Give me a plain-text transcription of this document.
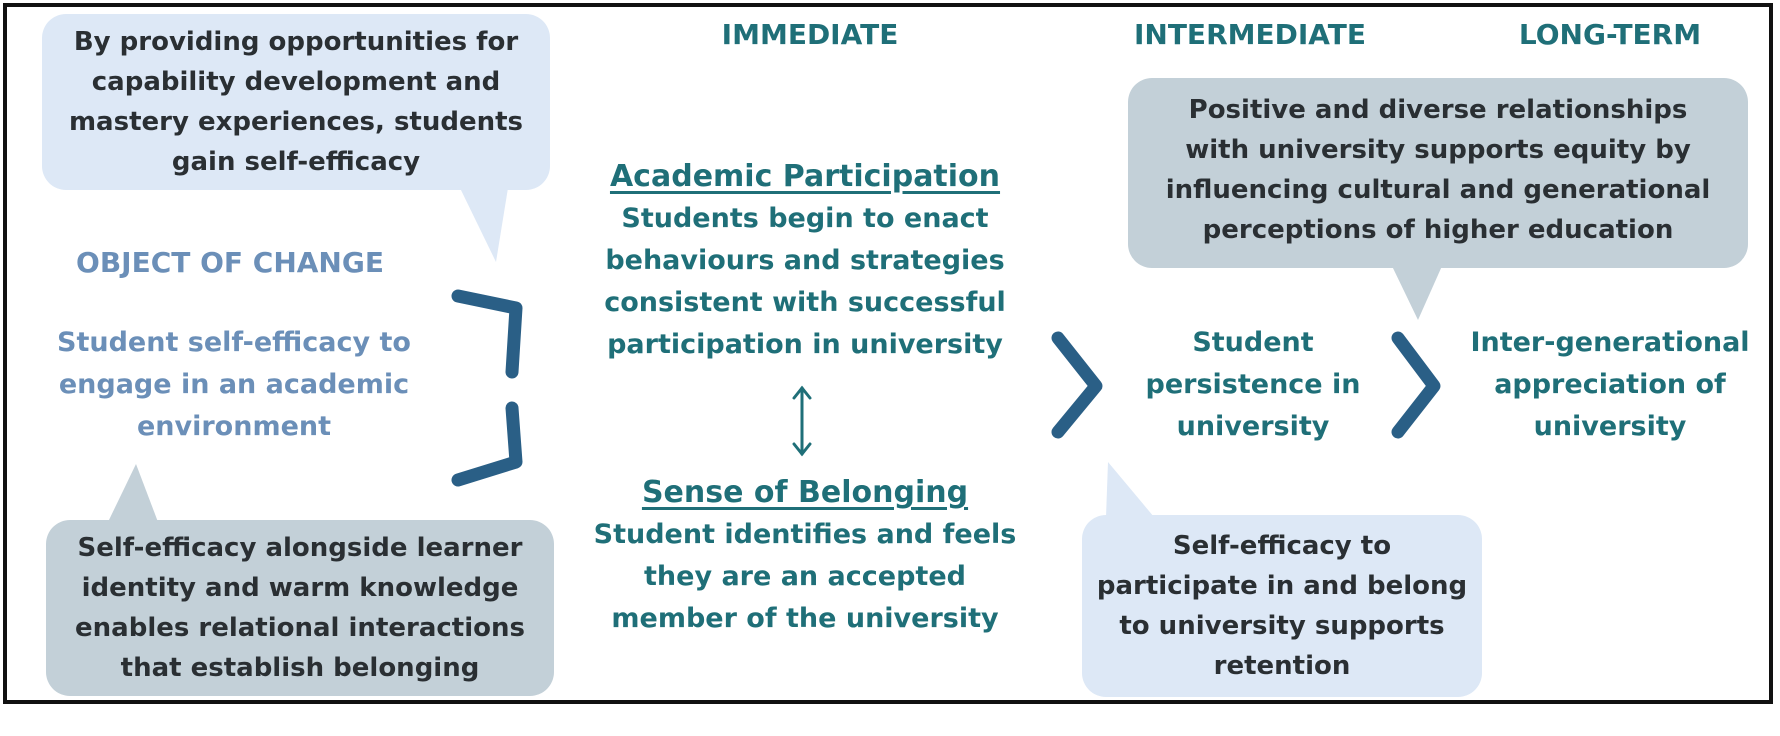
IMMEDIATE	INTERMEDIATE	LONG-TERM
By providing opportunities for
capability development and
mastery experiences, students
gain self-efficacy
OBJECT OF CHANGE
Student self-efficacy to
engage in an academic
environment
Self-efficacy alongside learner
identity and warm knowledge
enables relational interactions
that establish belonging
Academic Participation
Students begin to enact
behaviours and strategies
consistent with successful
participation in university
Sense of Belonging
Student identifies and feels
they are an accepted
member of the university
Positive and diverse relationships
with university supports equity by
influencing cultural and generational
perceptions of higher education
Student
persistence in
university
Inter-generational
appreciation of
university
Self-efficacy to
participate in and belong
to university supports
retention
